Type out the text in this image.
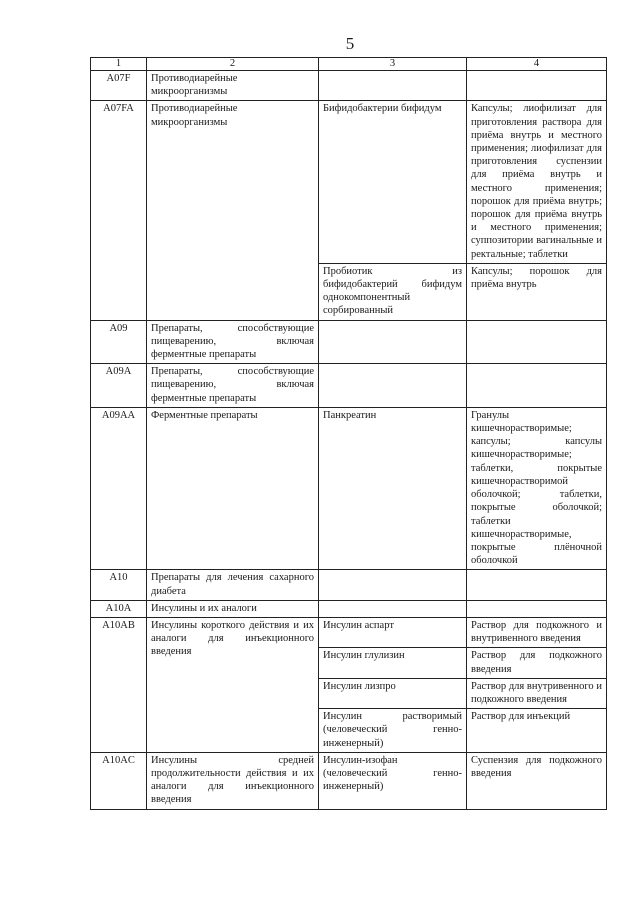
5
1	2	3	4
A07F	Противодиарейные микроорганизмы		
A07FA	Противодиарейные микроорганизмы	Бифидобактерии бифидум	Капсулы; лиофилизат для приготовления раствора для приёма внутрь и местного применения; лиофилизат для приготовления суспензии для приёма внутрь и местного применения; порошок для приёма внутрь; порошок для приёма внутрь и местного применения; суппозитории вагинальные и ректальные; таблетки
		Пробиотик из бифидобактерий бифидум однокомпонентный сорбированный	Капсулы; порошок для приёма внутрь
A09	Препараты, способствующие пищеварению, включая ферментные препараты		
A09A	Препараты, способствующие пищеварению, включая ферментные препараты		
A09AA	Ферментные препараты	Панкреатин	Гранулы кишечнорастворимые; капсулы; капсулы кишечнорастворимые; таблетки, покрытые кишечнорастворимой оболочкой; таблетки, покрытые оболочкой; таблетки кишечнорастворимые, покрытые плёночной оболочкой
A10	Препараты для лечения сахарного диабета		
A10A	Инсулины и их аналоги		
A10AB	Инсулины короткого действия и их аналоги для инъекционного введения	Инсулин аспарт	Раствор для подкожного и внутривенного введения
		Инсулин глулизин	Раствор для подкожного введения
		Инсулин лизпро	Раствор для внутривенного и подкожного введения
		Инсулин растворимый (человеческий генно-инженерный)	Раствор для инъекций
A10AC	Инсулины средней продолжительности действия и их аналоги для инъекционного введения	Инсулин-изофан (человеческий генно-инженерный)	Суспензия для подкожного введения
